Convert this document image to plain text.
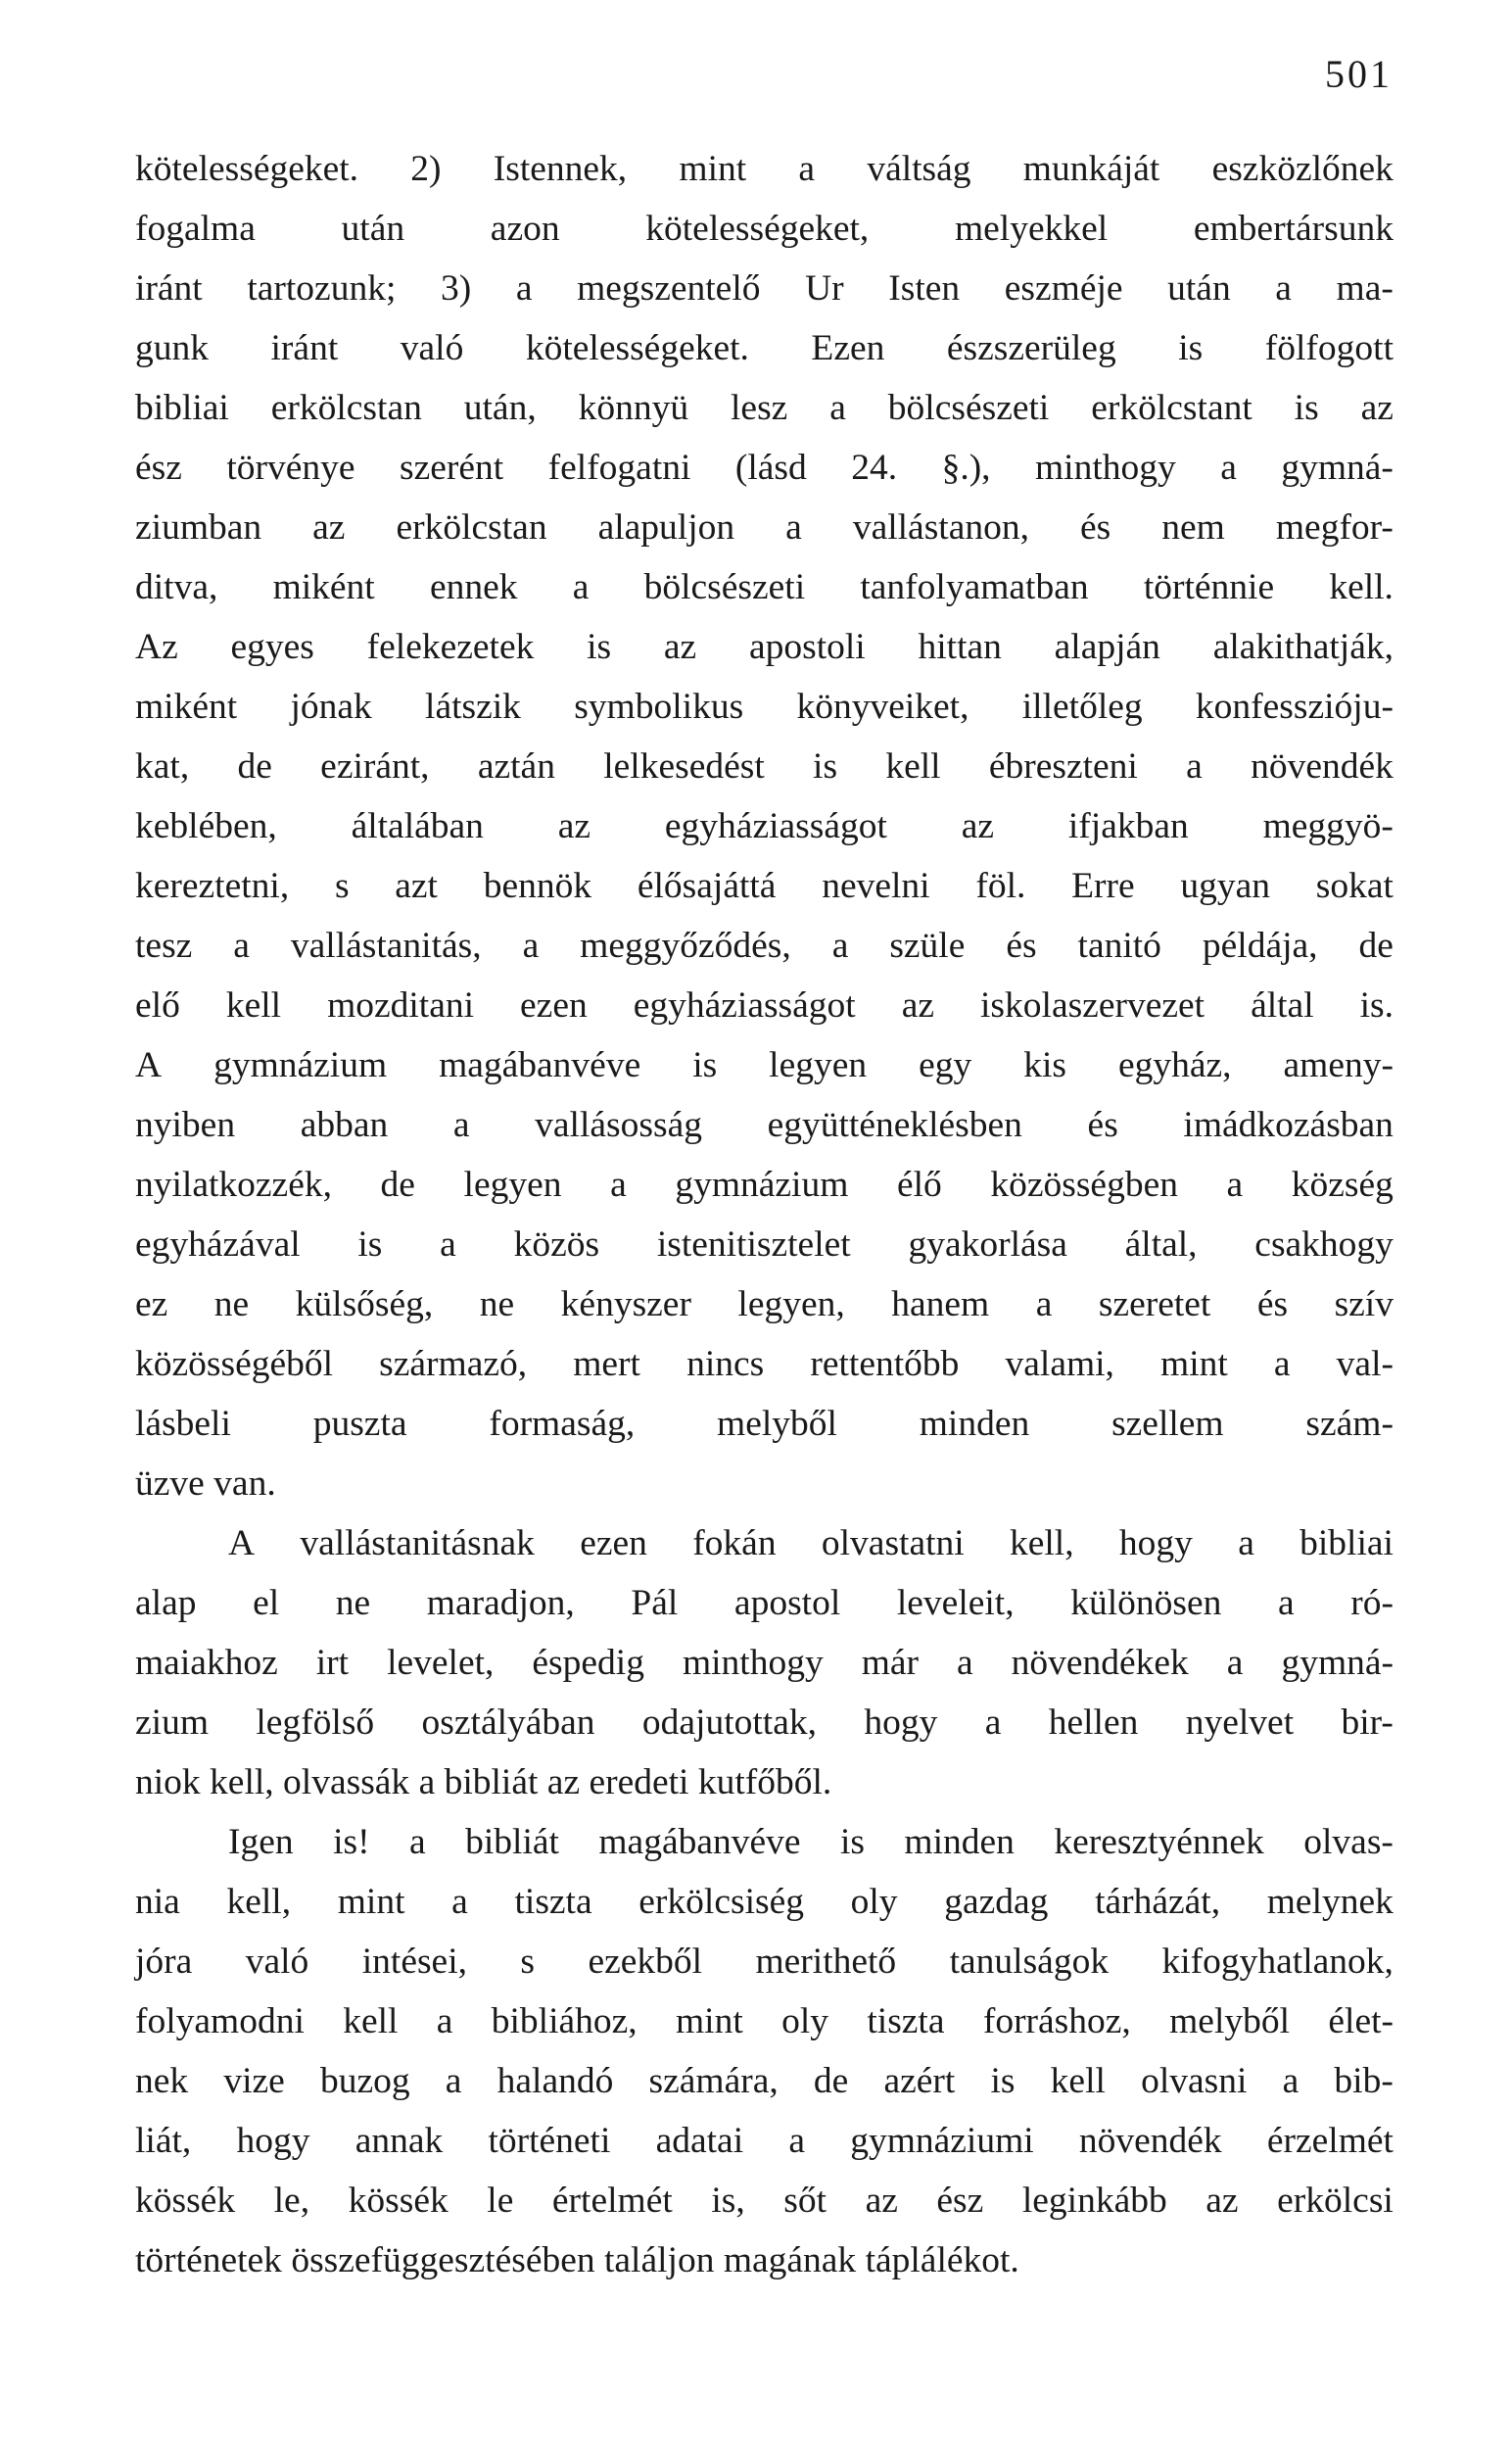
501
kötelességeket. 2) Istennek, mint a váltság munkáját eszközlőnek
fogalma után azon kötelességeket, melyekkel embertársunk
iránt tartozunk; 3) a megszentelő Ur Isten eszméje után a ma-
gunk iránt való kötelességeket. Ezen észszerüleg is fölfogott
bibliai erkölcstan után, könnyü lesz a bölcsészeti erkölcstant is az
ész törvénye szerént felfogatni (lásd 24. §.), minthogy a gymná-
ziumban az erkölcstan alapuljon a vallástanon, és nem megfor-
ditva, miként ennek a bölcsészeti tanfolyamatban történnie kell.
Az egyes felekezetek is az apostoli hittan alapján alakithatják,
miként jónak látszik symbolikus könyveiket, illetőleg konfesszióju-
kat, de eziránt, aztán lelkesedést is kell ébreszteni a növendék
keblében, általában az egyháziasságot az ifjakban meggyö-
kereztetni, s azt bennök élősajáttá nevelni föl. Erre ugyan sokat
tesz a vallástanitás, a meggyőződés, a szüle és tanitó példája, de
elő kell mozditani ezen egyháziasságot az iskolaszervezet által is.
A gymnázium magábanvéve is legyen egy kis egyház, ameny-
nyiben abban a vallásosság együtténeklésben és imádkozásban
nyilatkozzék, de legyen a gymnázium élő közösségben a község
egyházával is a közös istenitisztelet gyakorlása által, csakhogy
ez ne külsőség, ne kényszer legyen, hanem a szeretet és szív
közösségéből származó, mert nincs rettentőbb valami, mint a val-
lásbeli puszta formaság, melyből minden szellem szám-
üzve
van.
A vallástanitásnak ezen fokán olvastatni kell, hogy a bibliai
alap el ne maradjon, Pál apostol leveleit, különösen a ró-
maiakhoz irt levelet, éspedig minthogy már a növendékek a gymná-
zium legfölső osztályában odajutottak, hogy a hellen nyelvet bir-
niok
kell,
olvassák
a
bibliát
az
eredeti
kutfőből.
Igen is! a bibliát magábanvéve is minden keresztyénnek olvas-
nia kell, mint a tiszta erkölcsiség oly gazdag tárházát, melynek
jóra való intései, s ezekből merithető tanulságok kifogyhatlanok,
folyamodni kell a bibliához, mint oly tiszta forráshoz, melyből élet-
nek vize buzog a halandó számára, de azért is kell olvasni a bib-
liát, hogy annak történeti adatai a gymnáziumi növendék érzelmét
kössék le, kössék le értelmét is, sőt az ész leginkább az erkölcsi
történetek
összefüggesztésében
találjon
magának
táplálékot.
